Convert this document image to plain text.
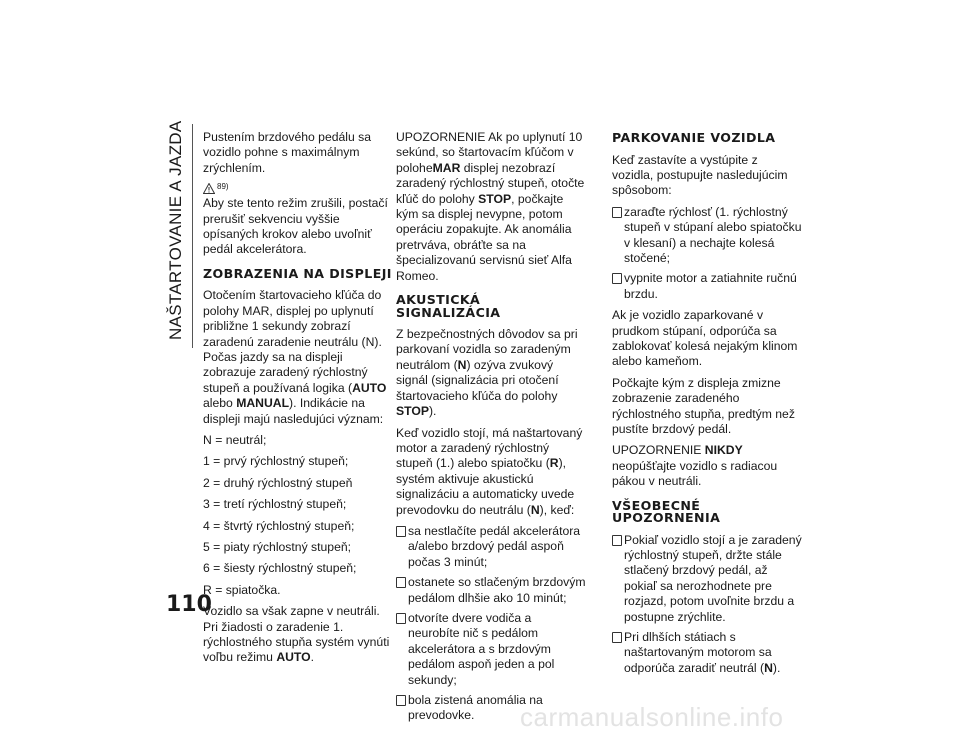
NAŠTARTOVANIE A JAZDA
110

Pustením brzdového pedálu sa vozidlo pohne s maximálnym zrýchlením.

89)

Aby ste tento režim zrušili, postačí prerušiť sekvenciu vyššie opísaných krokov alebo uvoľniť pedál akcelerátora.

ZOBRAZENIA NA DISPLEJI

Otočením štartovacieho kľúča do polohy MAR, displej po uplynutí približne 1 sekundy zobrazí zaradenú zaradenie neutrálu (N). Počas jazdy sa na displeji zobrazuje zaradený rýchlostný stupeň a používaná logika (AUTO alebo MANUAL). Indikácie na displeji majú nasledujúci význam:

N = neutrál;

1 = prvý rýchlostný stupeň;

2 = druhý rýchlostný stupeň

3 = tretí rýchlostný stupeň;

4 = štvrtý rýchlostný stupeň;

5 = piaty rýchlostný stupeň;

6 = šiesty rýchlostný stupeň;

R = spiatočka.

Vozidlo sa však zapne v neutráli. Pri žiadosti o zaradenie 1. rýchlostného stupňa systém vynúti voľbu režimu AUTO.

UPOZORNENIE Ak po uplynutí 10 sekúnd, so štartovacím kľúčom v poloheMAR displej nezobrazí zaradený rýchlostný stupeň, otočte kľúč do polohy STOP, počkajte kým sa displej nevypne, potom operáciu zopakujte. Ak anomália pretrváva, obráťte sa na špecializovanú servisnú sieť Alfa Romeo.

AKUSTICKÁ SIGNALIZÁCIA

Z bezpečnostných dôvodov sa pri parkovaní vozidla so zaradeným neutrálom (N) ozýva zvukový signál (signalizácia pri otočení štartovacieho kľúča do polohy STOP).

Keď vozidlo stojí, má naštartovaný motor a zaradený rýchlostný stupeň (1.) alebo spiatočku (R), systém aktivuje akustickú signalizáciu a automaticky uvede prevodovku do neutrálu (N), keď:

sa nestlačíte pedál akcelerátora a/alebo brzdový pedál aspoň počas 3 minút;
ostanete so stlačeným brzdovým pedálom dlhšie ako 10 minút;
otvoríte dvere vodiča a neurobíte nič s pedálom akcelerátora a s brzdovým pedálom aspoň jeden a pol sekundy;
bola zistená anomália na prevodovke.
PARKOVANIE VOZIDLA

Keď zastavíte a vystúpite z vozidla, postupujte nasledujúcim spôsobom:

zaraďte rýchlosť (1. rýchlostný stupeň v stúpaní alebo spiatočku v klesaní) a nechajte kolesá stočené;
vypnite motor a zatiahnite ručnú brzdu.

Ak je vozidlo zaparkované v prudkom stúpaní, odporúča sa zablokovať kolesá nejakým klinom alebo kameňom.

Počkajte kým z displeja zmizne zobrazenie zaradeného rýchlostného stupňa, predtým než pustíte brzdový pedál.

UPOZORNENIE NIKDY neopúšťajte vozidlo s radiacou pákou v neutráli.

VŠEOBECNÉ UPOZORNENIA
Pokiaľ vozidlo stojí a je zaradený rýchlostný stupeň, držte stále stlačený brzdový pedál, až pokiaľ sa nerozhodnete pre rozjazd, potom uvoľnite brzdu a postupne zrýchlite.
Pri dlhších státiach s naštartovaným motorom sa odporúča zaradiť neutrál (N).
carmanualsonline.info
